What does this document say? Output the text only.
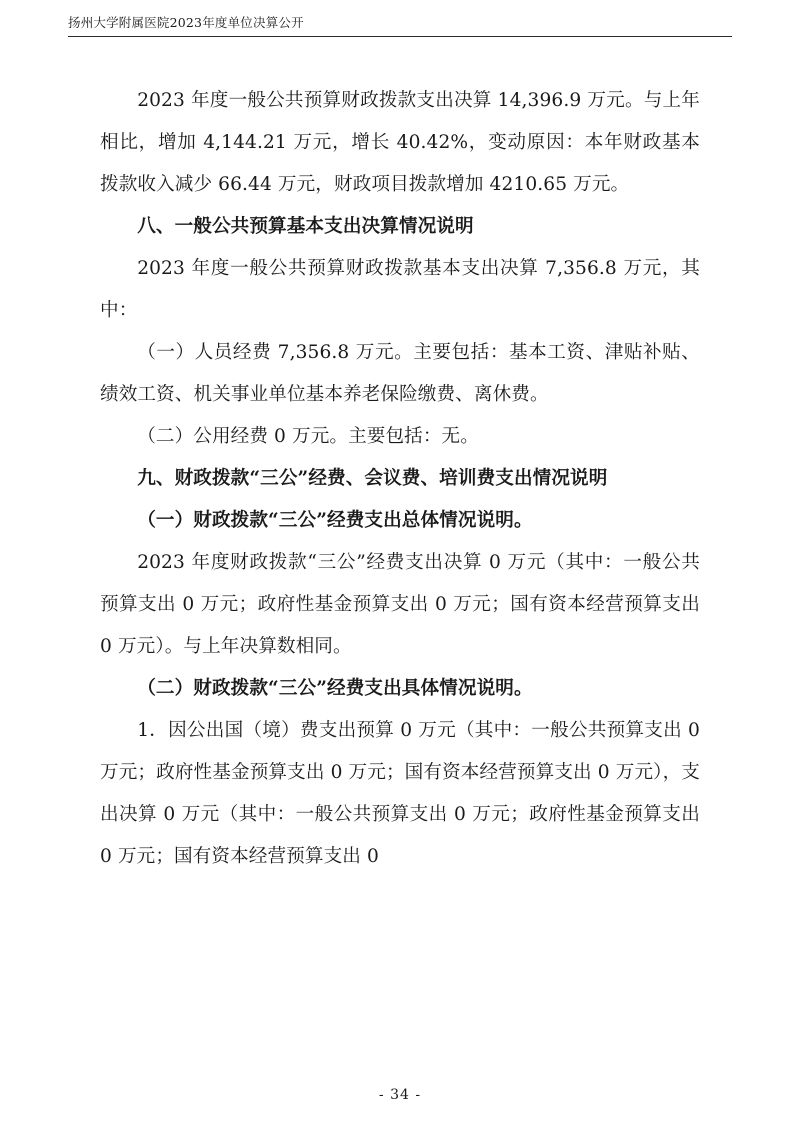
扬州大学附属医院2023年度单位决算公开

2023 年度一般公共预算财政拨款支出决算 14,396.9 万元。与上年相比，增加 4,144.21 万元，增长 40.42%，变动原因：本年财政基本拨款收入减少 66.44 万元，财政项目拨款增加 4210.65 万元。

八、一般公共预算基本支出决算情况说明

2023 年度一般公共预算财政拨款基本支出决算 7,356.8 万元，其中：

（一）人员经费 7,356.8 万元。主要包括：基本工资、津贴补贴、绩效工资、机关事业单位基本养老保险缴费、离休费。

（二）公用经费 0 万元。主要包括：无。

九、财政拨款“三公”经费、会议费、培训费支出情况说明

（一）财政拨款“三公”经费支出总体情况说明。

2023 年度财政拨款“三公”经费支出决算 0 万元（其中：一般公共预算支出 0 万元；政府性基金预算支出 0 万元；国有资本经营预算支出 0 万元）。与上年决算数相同。

（二）财政拨款“三公”经费支出具体情况说明。

1．因公出国（境）费支出预算 0 万元（其中：一般公共预算支出 0 万元；政府性基金预算支出 0 万元；国有资本经营预算支出 0 万元），支出决算 0 万元（其中：一般公共预算支出 0 万元；政府性基金预算支出 0 万元；国有资本经营预算支出 0

- 34 -
